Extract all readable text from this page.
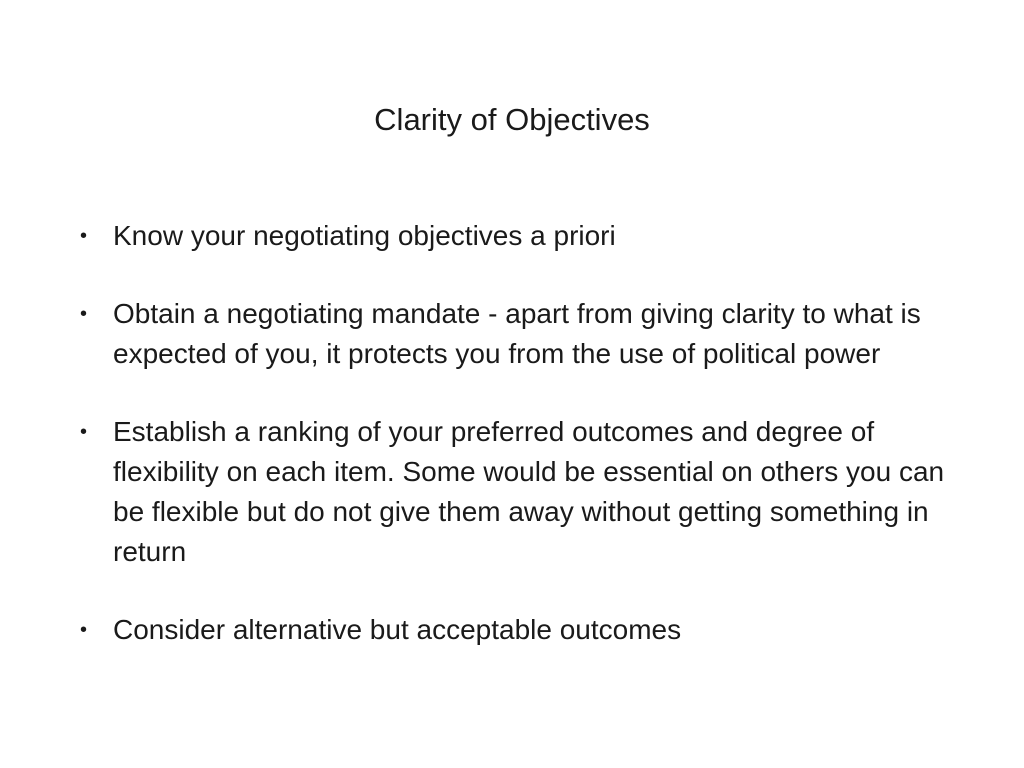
Clarity of Objectives
• Know your negotiating objectives a priori
• Obtain a negotiating mandate - apart from giving clarity to what is expected of you, it protects you from the use of political power
• Establish a ranking of your preferred outcomes and degree of flexibility on each item. Some would be essential on others you can be flexible but do not give them away without getting something in return
• Consider alternative but acceptable outcomes
